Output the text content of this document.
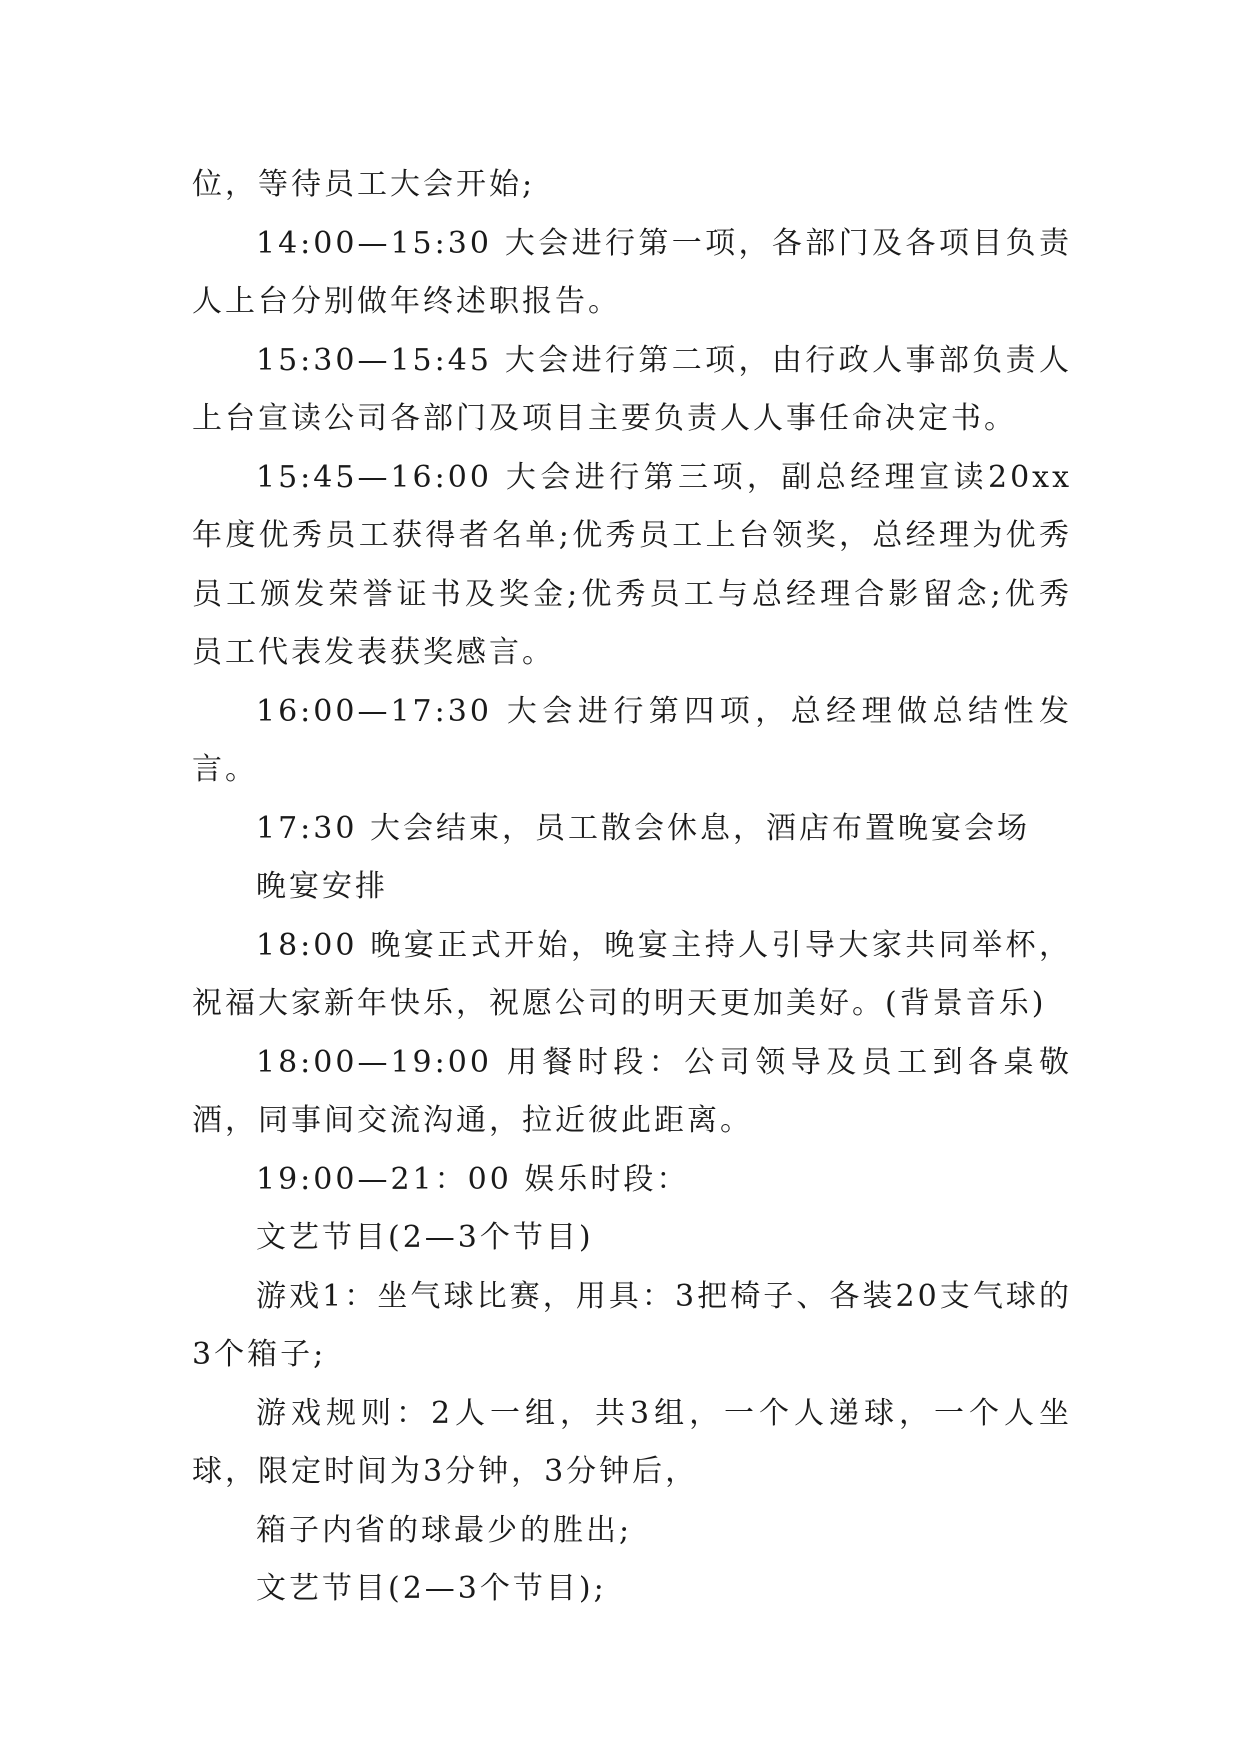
位，等待员工大会开始;

14:00—15:30 大会进行第一项，各部门及各项目负责人上台分别做年终述职报告。

15:30—15:45 大会进行第二项，由行政人事部负责人上台宣读公司各部门及项目主要负责人人事任命决定书。

15:45—16:00 大会进行第三项，副总经理宣读20xx年度优秀员工获得者名单;优秀员工上台领奖，总经理为优秀员工颁发荣誉证书及奖金;优秀员工与总经理合影留念;优秀员工代表发表获奖感言。

16:00—17:30 大会进行第四项，总经理做总结性发言。

17:30 大会结束，员工散会休息，酒店布置晚宴会场

晚宴安排

18:00 晚宴正式开始，晚宴主持人引导大家共同举杯，祝福大家新年快乐，祝愿公司的明天更加美好。(背景音乐)

18:00—19:00 用餐时段：公司领导及员工到各桌敬酒，同事间交流沟通，拉近彼此距离。

19:00—21：00 娱乐时段：

文艺节目(2—3个节目)

游戏1：坐气球比赛，用具：3把椅子、各装20支气球的3个箱子;

游戏规则：2人一组，共3组，一个人递球，一个人坐球，限定时间为3分钟，3分钟后，

箱子内省的球最少的胜出;

文艺节目(2—3个节目);
